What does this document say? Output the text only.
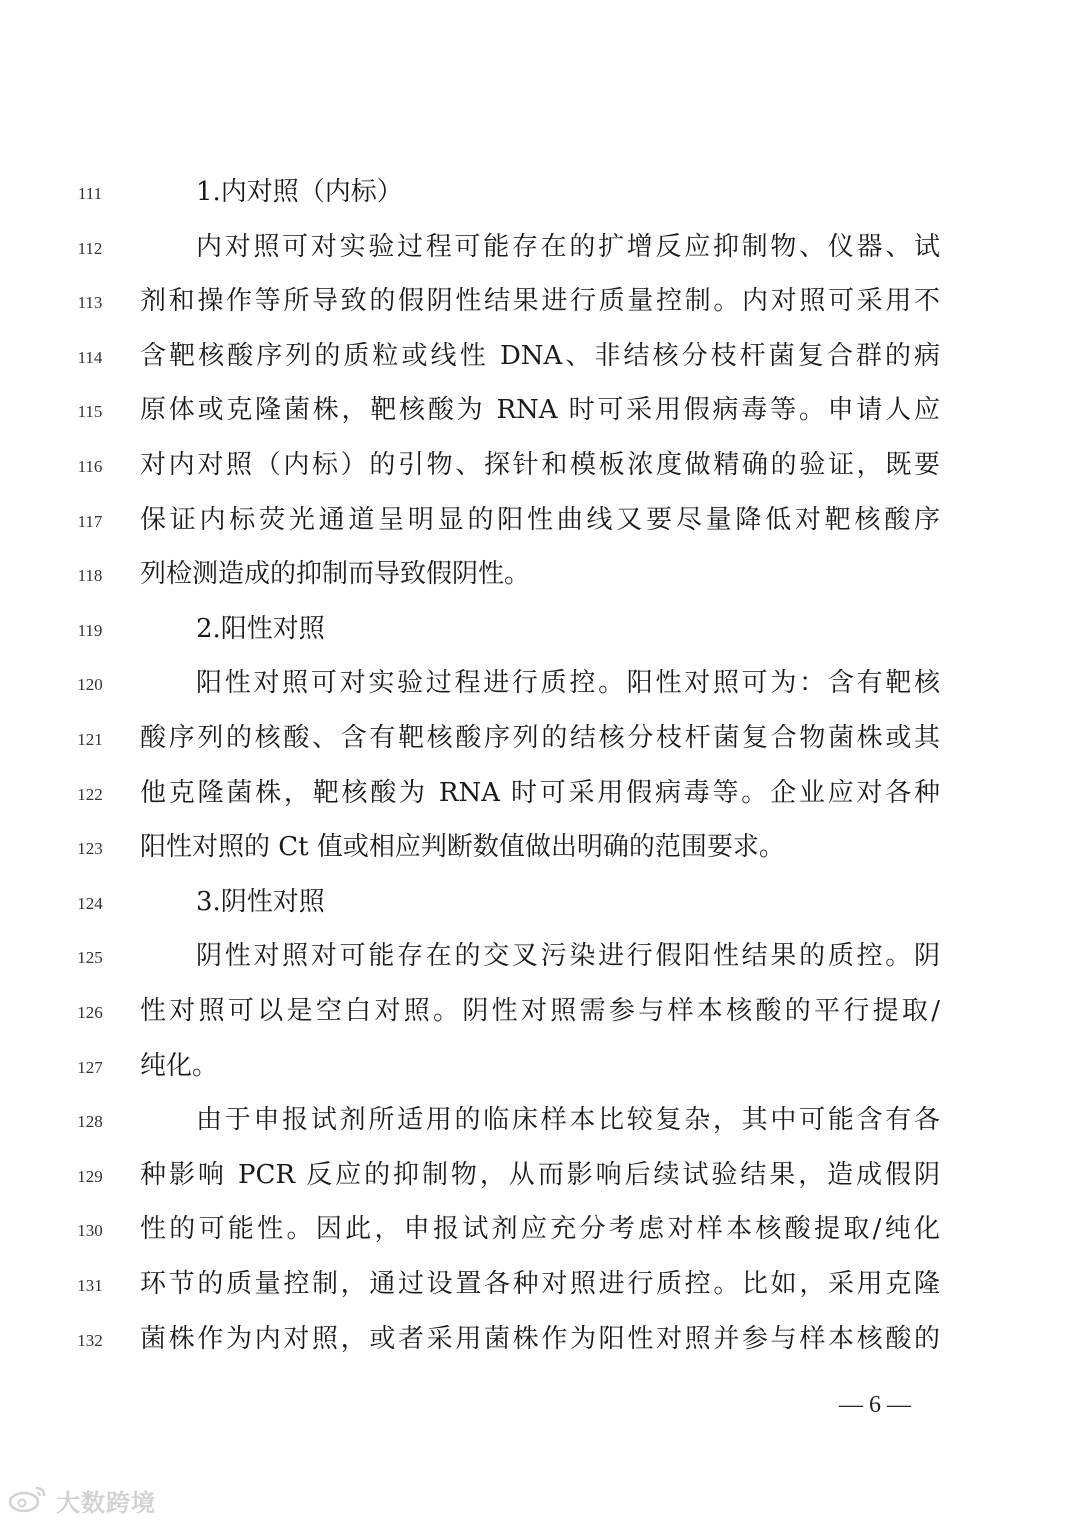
111	1.内对照（内标）
112	内对照可对实验过程可能存在的扩增反应抑制物、仪器、试
113	剂和操作等所导致的假阴性结果进行质量控制。内对照可采用不
114	含靶核酸序列的质粒或线性 DNA、非结核分枝杆菌复合群的病
115	原体或克隆菌株，靶核酸为 RNA 时可采用假病毒等。申请人应
116	对内对照（内标）的引物、探针和模板浓度做精确的验证，既要
117	保证内标荧光通道呈明显的阳性曲线又要尽量降低对靶核酸序
118	列检测造成的抑制而导致假阴性。
119	2.阳性对照
120	阳性对照可对实验过程进行质控。阳性对照可为：含有靶核
121	酸序列的核酸、含有靶核酸序列的结核分枝杆菌复合物菌株或其
122	他克隆菌株，靶核酸为 RNA 时可采用假病毒等。企业应对各种
123	阳性对照的 Ct 值或相应判断数值做出明确的范围要求。
124	3.阴性对照
125	阴性对照对可能存在的交叉污染进行假阳性结果的质控。阴
126	性对照可以是空白对照。阴性对照需参与样本核酸的平行提取/
127	纯化。
128	由于申报试剂所适用的临床样本比较复杂，其中可能含有各
129	种影响 PCR 反应的抑制物，从而影响后续试验结果，造成假阴
130	性的可能性。因此，申报试剂应充分考虑对样本核酸提取/纯化
131	环节的质量控制，通过设置各种对照进行质控。比如，采用克隆
132	菌株作为内对照，或者采用菌株作为阳性对照并参与样本核酸的
— 6 —
大数跨境
